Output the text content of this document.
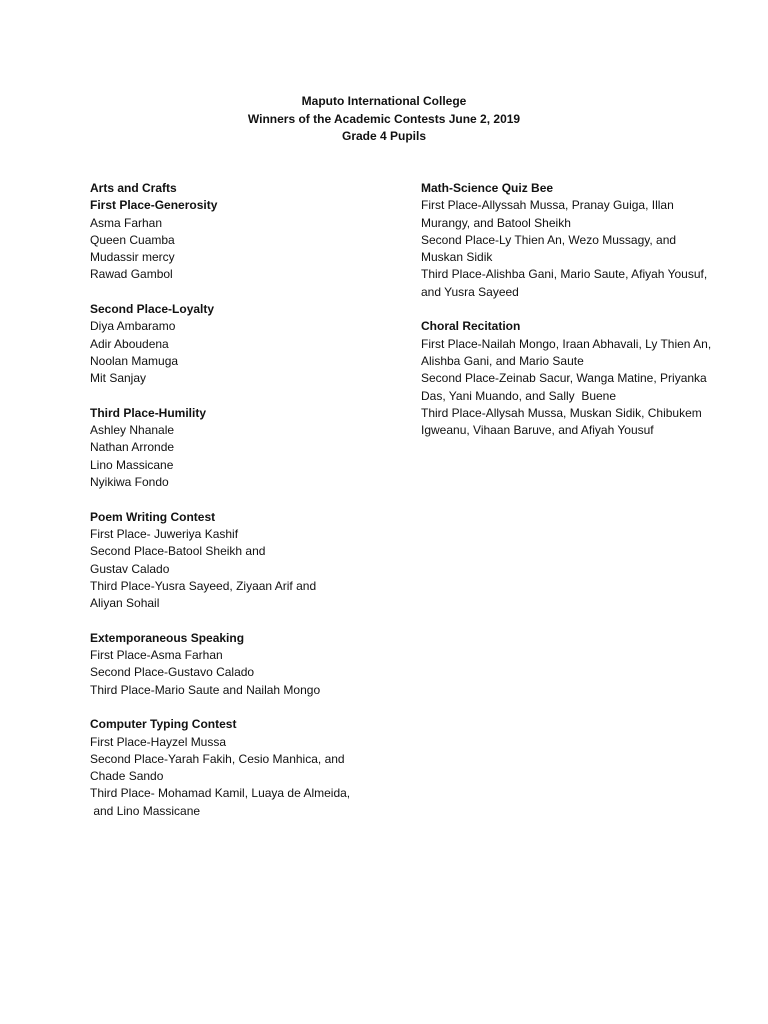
Maputo International College
Winners of the Academic Contests June 2, 2019
Grade 4 Pupils
Arts and Crafts
First Place-Generosity
Asma Farhan
Queen Cuamba
Mudassir mercy
Rawad Gambol
Second Place-Loyalty
Diya Ambaramo
Adir Aboudena
Noolan Mamuga
Mit Sanjay
Third Place-Humility
Ashley Nhanale
Nathan Arronde
Lino Massicane
Nyikiwa Fondo
Poem Writing Contest
First Place- Juweriya Kashif
Second Place-Batool Sheikh and
Gustav Calado
Third Place-Yusra Sayeed, Ziyaan Arif and
Aliyan Sohail
Extemporaneous Speaking
First Place-Asma Farhan
Second Place-Gustavo Calado
Third Place-Mario Saute and Nailah Mongo
Computer Typing Contest
First Place-Hayzel Mussa
Second Place-Yarah Fakih, Cesio Manhica, and
Chade Sando
Third Place- Mohamad Kamil, Luaya de Almeida,
and Lino Massicane
Math-Science Quiz Bee
First Place-Allyssah Mussa, Pranay Guiga, Illan
Murangy, and Batool Sheikh
Second Place-Ly Thien An, Wezo Mussagy, and
Muskan Sidik
Third Place-Alishba Gani, Mario Saute, Afiyah Yousuf,
and Yusra Sayeed
Choral Recitation
First Place-Nailah Mongo, Iraan Abhavali, Ly Thien An,
Alishba Gani, and Mario Saute
Second Place-Zeinab Sacur, Wanga Matine, Priyanka
Das, Yani Muando, and Sally  Buene
Third Place-Allysah Mussa, Muskan Sidik, Chibukem
Igweanu, Vihaan Baruve, and Afiyah Yousuf
